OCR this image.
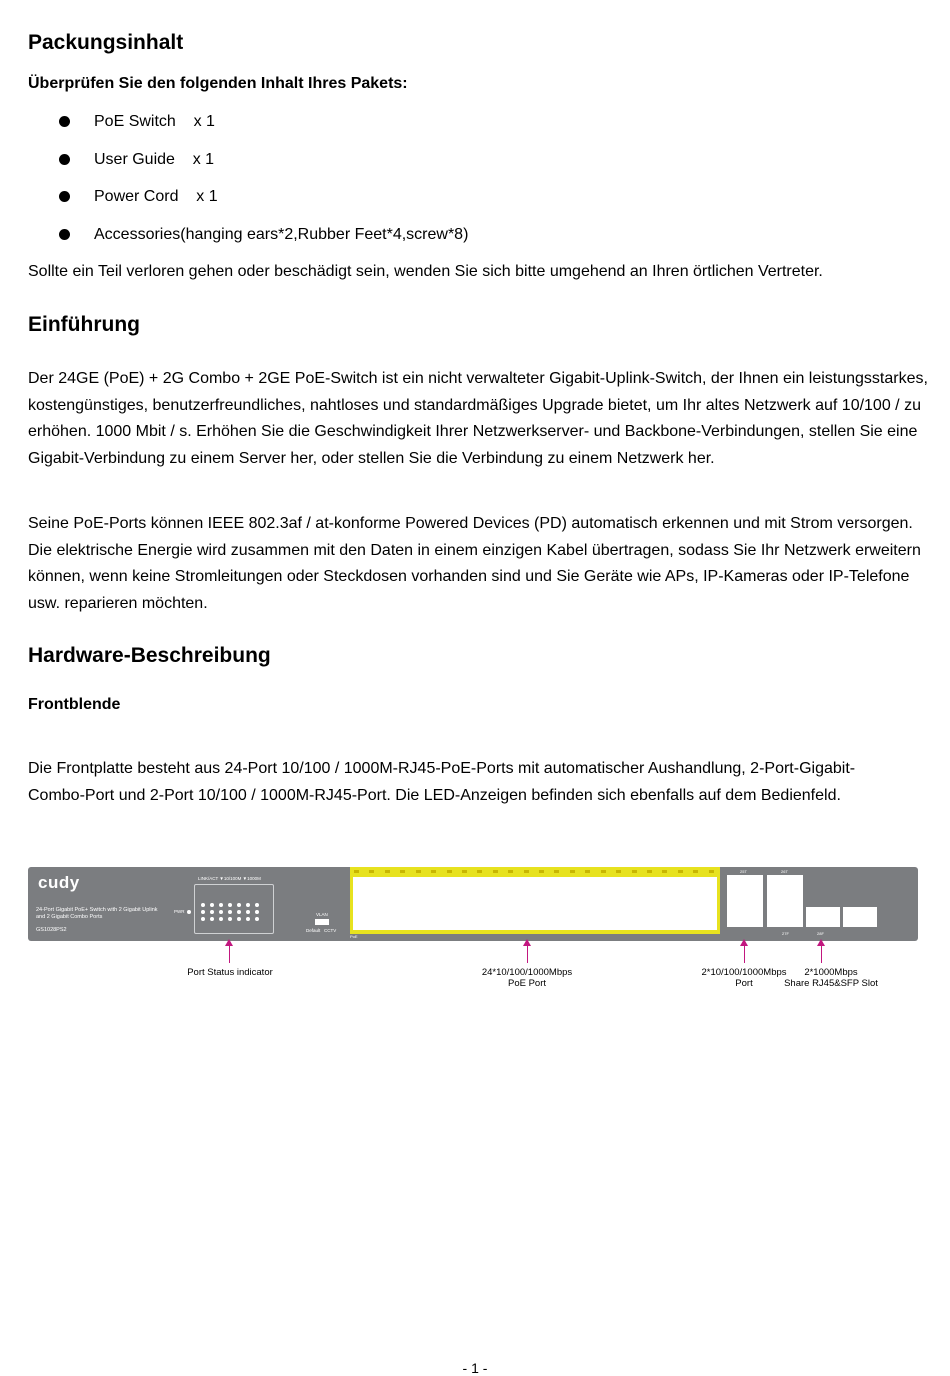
Packungsinhalt
Überprüfen Sie den folgenden Inhalt Ihres Pakets:
PoE Switch    x 1
User Guide    x 1
Power Cord    x 1
Accessories(hanging ears*2,Rubber Feet*4,screw*8)
Sollte ein Teil verloren gehen oder beschädigt sein, wenden Sie sich bitte umgehend an Ihren örtlichen Vertreter.
Einführung

Der 24GE (PoE) + 2G Combo + 2GE PoE-Switch ist ein nicht verwalteter Gigabit-Uplink-Switch, der Ihnen ein leistungsstarkes, kostengünstiges, benutzerfreundliches, nahtloses und standardmäßiges Upgrade bietet, um Ihr altes Netzwerk auf 10/100 / zu erhöhen. 1000 Mbit / s. Erhöhen Sie die Geschwindigkeit Ihrer Netzwerkserver- und Backbone-Verbindungen, stellen Sie eine Gigabit-Verbindung zu einem Server her, oder stellen Sie die Verbindung zu einem Netzwerk her.

Seine PoE-Ports können IEEE 802.3af / at-konforme Powered Devices (PD) automatisch erkennen und mit Strom versorgen. Die elektrische Energie wird zusammen mit den Daten in einem einzigen Kabel übertragen, sodass Sie Ihr Netzwerk erweitern können, wenn keine Stromleitungen oder Steckdosen vorhanden sind und Sie Geräte wie APs, IP-Kameras oder IP-Telefone usw. reparieren möchten.

Hardware-Beschreibung
Frontblende
Die Frontplatte besteht aus 24-Port 10/100 / 1000M-RJ45-PoE-Ports mit automatischer Aushandlung, 2-Port-Gigabit-Combo-Port und 2-Port 10/100 / 1000M-RJ45-Port. Die LED-Anzeigen befinden sich ebenfalls auf dem Bedienfeld.
cudy
24-Port Gigabit PoE+ Switch with 2 Gigabit Uplink and 2 Gigabit Combo Ports
GS1028PS2
LINK/ACT ▼10/100M ▼1000M
PWR
VLAN
Default   CCTV
PoE
25T	26T
27F	28F
Port Status indicator	24*10/100/1000Mbps
PoE Port
2*10/100/1000Mbps
Port
2*1000Mbps
Share RJ45&SFP Slot
- 1 -
